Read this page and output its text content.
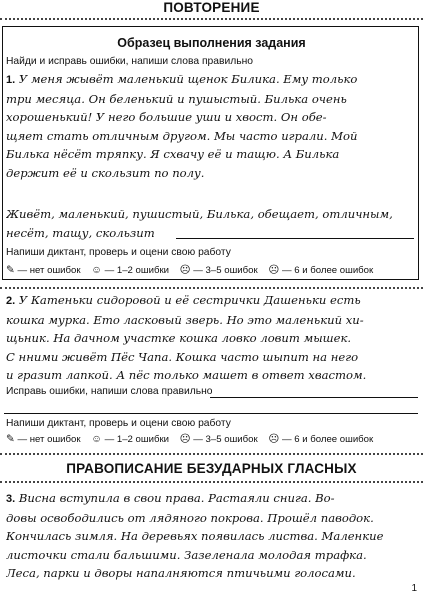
ПОВТОРЕНИЕ
Образец выполнения задания
Найди и исправь ошибки, напиши слова правильно
1. У меня жывёт маленький щенок Билика. Ему только
три месяца. Он беленький и пушыстый. Билька очень
хорошенький! У него большие уши и хвост. Он обе-
щяет стать отличным другом. Мы часто играли. Мой
Билька нёсёт тряпку. Я схвачу её и тащю. А Билька
держит её и скользит по полу.
Живёт, маленький, пушистый, Билька, обещает, отличным,
несёт, тащу, скользит
Напиши диктант, проверь и оцени свою работу
✎ — нет ошибок ☺ — 1–2 ошибки ☹ — 3–5 ошибок ☹ — 6 и более ошибок
2. У Катеньки сидоровой и её сестрички Дашеньки есть
кошка мурка. Ето ласковый зверь. Но это маленький хи-
щьник. На дачном участке кошка ловко ловит мышек.
С нними живёт Пёс Чапа. Кошка часто шыпит на него
и гразит лапкой. А пёс только машет в ответ хвастом.
Исправь ошибки, напиши слова правильно
Напиши диктант, проверь и оцени свою работу
✎ — нет ошибок ☺ — 1–2 ошибки ☹ — 3–5 ошибок ☹ — 6 и более ошибок
ПРАВОПИСАНИЕ БЕЗУДАРНЫХ ГЛАСНЫХ
3. Висна вступила в свои права. Растаяли снига. Во-
довы освободились от лядяного покрова. Прошёл паводок.
Кончилась зимля. На деревьях появилась листва. Маленкие
листочки стали бальшими. Зазеленала молодая трафка.
Леса, парки и дворы напалняются птичьими голосами.
1
